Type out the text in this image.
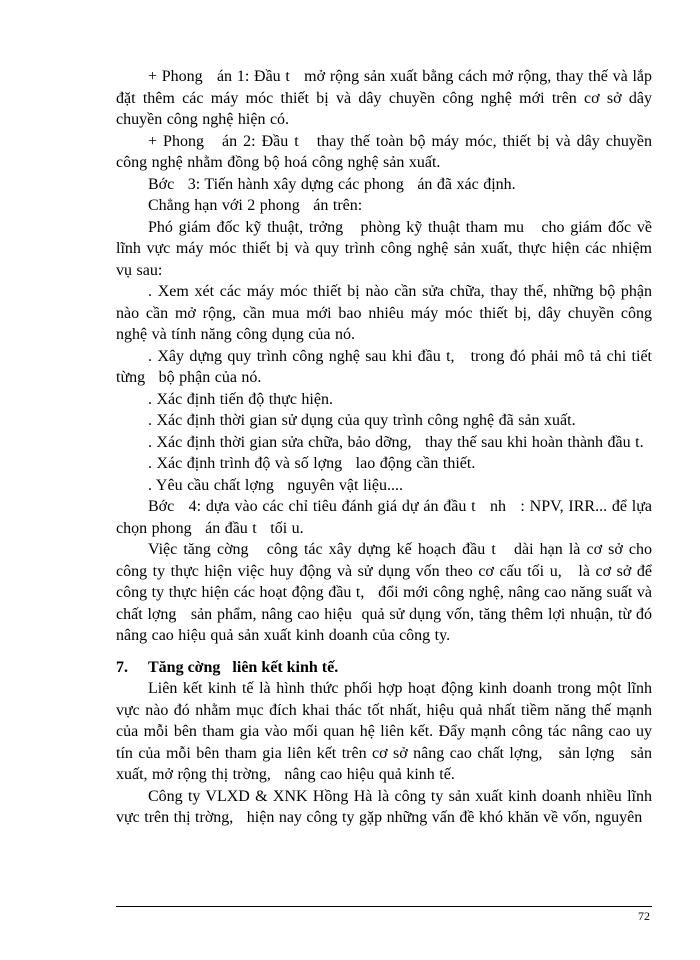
+ Phong   án 1: Đầu t   mở rộng sản xuất bằng cách mở rộng, thay thế và lắp đặt thêm các máy móc thiết bị và dây chuyền công nghệ mới trên cơ sở dây chuyền công nghệ hiện có.

+ Phong   án 2: Đầu t   thay thế toàn bộ máy móc, thiết bị và dây chuyền công nghệ nhằm đồng bộ hoá công nghệ sản xuất.

Bớc   3: Tiến hành xây dựng các phong   án đã xác định.

Chẳng hạn với 2 phong   án trên:

Phó giám đốc kỹ thuật, trởng   phòng kỹ thuật tham mu   cho giám đốc về lĩnh vực máy móc thiết bị và quy trình công nghệ sản xuất, thực hiện các nhiệm vụ sau:

. Xem xét các máy móc thiết bị nào cần sửa chữa, thay thế, những bộ phận nào cần mở rộng, cần mua mới bao nhiêu máy móc thiết bị, dây chuyền công nghệ và tính năng công dụng của nó.

. Xây dựng quy trình công nghệ sau khi đầu t,   trong đó phải mô tả chi tiết từng   bộ phận của nó.

. Xác định tiến độ thực hiện.

. Xác định thời gian sử dụng của quy trình công nghệ đã sản xuất.

. Xác định thời gian sửa chữa, bảo dỡng,   thay thế sau khi hoàn thành đầu t.

. Xác định trình độ và số lợng   lao động cần thiết.

. Yêu cầu chất lợng   nguyên vật liệu....

Bớc   4: dựa vào các chỉ tiêu đánh giá dự án đầu t   nh   : NPV, IRR... để lựa chọn phong   án đầu t   tối u.

Việc tăng cờng   công tác xây dựng kế hoạch đầu t   dài hạn là cơ sở cho công ty thực hiện việc huy động và sử dụng vốn theo cơ cấu tối u,   là cơ sở để công ty thực hiện các hoạt động đầu t,   đổi mới công nghệ, nâng cao năng suất và chất lợng   sản phẩm, nâng cao hiệu  quả sử dụng vốn, tăng thêm lợi nhuận, từ đó nâng cao hiệu quả sản xuất kinh doanh của công ty.

7. Tăng cờng   liên kết kinh tế.

Liên kết kinh tế là hình thức phối hợp hoạt động kinh doanh trong một lĩnh vực nào đó nhằm mục đích khai thác tốt nhất, hiệu quả nhất tiềm năng thế mạnh của mỗi bên tham gia vào mối quan hệ liên kết. Đẩy mạnh công tác nâng cao uy tín của mỗi bên tham gia liên kết trên cơ sở nâng cao chất lợng,   sản lợng   sản xuất, mở rộng thị trờng,   nâng cao hiệu quả kinh tế.

Công ty VLXD & XNK Hồng Hà là công ty sản xuất kinh doanh nhiều lĩnh vực trên thị trờng,   hiện nay công ty gặp những vấn đề khó khăn về vốn, nguyên

72
